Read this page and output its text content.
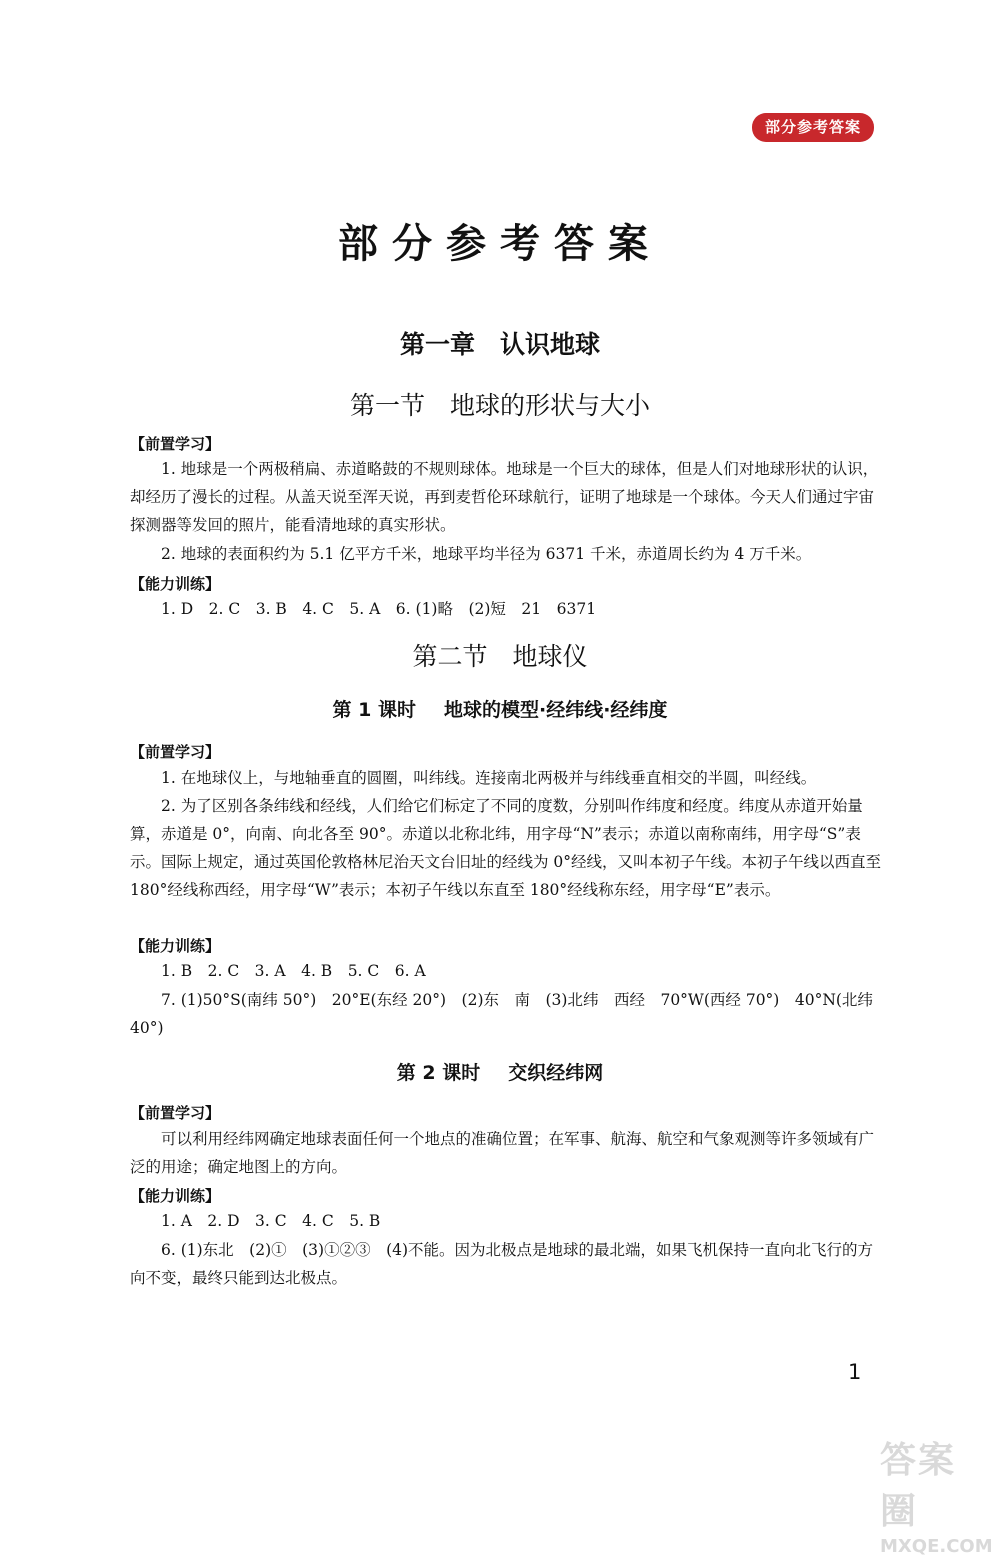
部分参考答案
部分参考答案
第一章　认识地球
第一节　地球的形状与大小
【前置学习】
1. 地球是一个两极稍扁、赤道略鼓的不规则球体。地球是一个巨大的球体，但是人们对地球形状的认识，却经历了漫长的过程。从盖天说至浑天说，再到麦哲伦环球航行，证明了地球是一个球体。今天人们通过宇宙探测器等发回的照片，能看清地球的真实形状。
2. 地球的表面积约为 5.1 亿平方千米，地球平均半径为 6371 千米，赤道周长约为 4 万千米。
【能力训练】
1. D　2. C　3. B　4. C　5. A　6. (1)略　(2)短　21　6371
第二节　地球仪
第 1 课时 地球的模型·经纬线·经纬度
【前置学习】
1. 在地球仪上，与地轴垂直的圆圈，叫纬线。连接南北两极并与纬线垂直相交的半圆，叫经线。
2. 为了区别各条纬线和经线，人们给它们标定了不同的度数，分别叫作纬度和经度。纬度从赤道开始量算，赤道是 0°，向南、向北各至 90°。赤道以北称北纬，用字母“N”表示；赤道以南称南纬，用字母“S”表示。国际上规定，通过英国伦敦格林尼治天文台旧址的经线为 0°经线，又叫本初子午线。本初子午线以西直至 180°经线称西经，用字母“W”表示；本初子午线以东直至 180°经线称东经，用字母“E”表示。
【能力训练】
1. B　2. C　3. A　4. B　5. C　6. A
7. (1)50°S(南纬 50°)　20°E(东经 20°)　(2)东　南　(3)北纬　西经　70°W(西经 70°)　40°N(北纬 40°)
第 2 课时 交织经纬网
【前置学习】
可以利用经纬网确定地球表面任何一个地点的准确位置；在军事、航海、航空和气象观测等许多领域有广泛的用途；确定地图上的方向。
【能力训练】
1. A　2. D　3. C　4. C　5. B
6. (1)东北　(2)①　(3)①②③　(4)不能。因为北极点是地球的最北端，如果飞机保持一直向北飞行的方向不变，最终只能到达北极点。
1
答案圈
MXQE.COM
